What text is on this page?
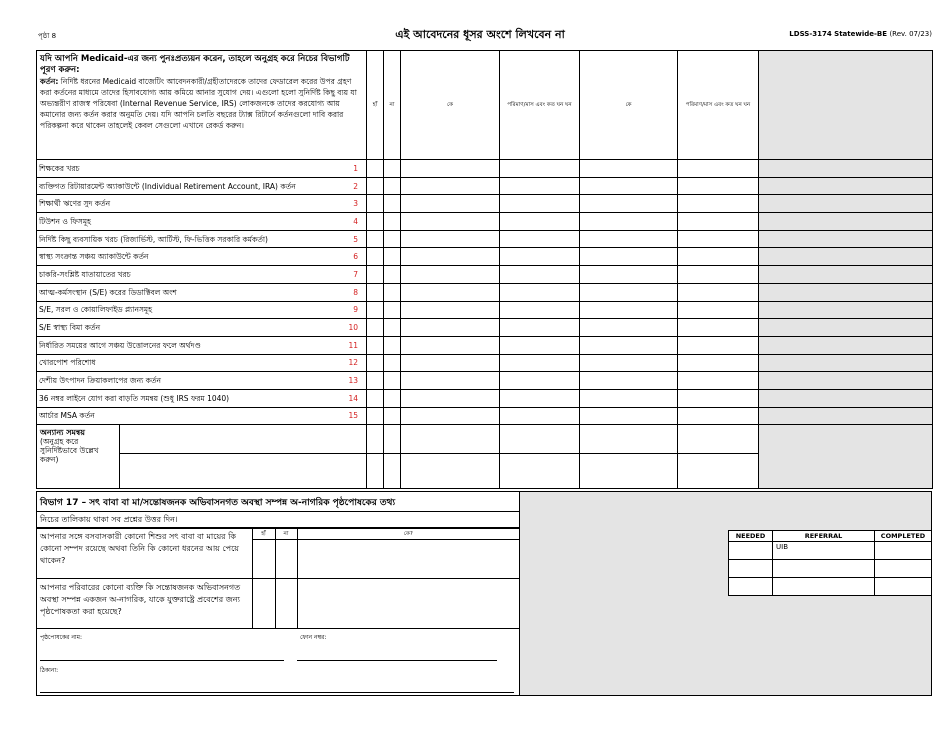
পৃষ্ঠা 8	এই আবেদনের ধূসর অংশে লিখবেন না	LDSS-3174 Statewide-BE (Rev. 07/23)
যদি আপনি Medicaid-এর জন্য পুনঃপ্রত্যয়ন করেন, তাহলে অনুগ্রহ করে নিচের বিভাগটি পূরণ করুন:
কর্তন: নির্দিষ্ট ধরনের Medicaid বাজেটিং আবেদনকারী/গ্রহীতাদেরকে তাদের ফেডারেল করের উপর গ্রহণ করা কর্তনের মাধ্যমে তাদের হিসাবযোগ্য আয় কমিয়ে আনার সুযোগ দেয়। এগুলো হলো সুনির্দিষ্ট কিছু ব্যয় যা অভ্যন্তরীণ রাজস্ব পরিষেবা (Internal Revenue Service, IRS) লোকজনকে তাদের করযোগ্য আয় কমানোর জন্য কর্তন করার অনুমতি দেয়। যদি আপনি চলতি বছরের ট্যাক্স রিটার্নে কর্তনগুলো দাবি করার পরিকল্পনা করে থাকেন তাহলেই কেবল সেগুলো এখানে রেকর্ড করুন।
	হাঁ	না	কে	পরিমাণ/মাস এবং কত ঘন ঘন	কে	পরিমাণ/মাস এবং কত ঘন ঘন	
শিক্ষকের খরচ	1

ব্যক্তিগত রিটায়ারমেন্ট অ্যাকাউন্টে (Individual Retirement Account, IRA) কর্তন	2

শিক্ষার্থী ঋণের সুদ কর্তন	3

টিউশন ও ফিসমূহ	4

নির্দিষ্ট কিছু ব্যবসায়িক খরচ (রিজার্ভিস্ট, আর্টিস্ট, ফি-ভিত্তিক সরকারি কর্মকর্তা)	5

স্বাস্থ্য সংক্রান্ত সঞ্চয় অ্যাকাউন্টে কর্তন	6

চাকরি-সংশ্লিষ্ট যাতায়াতের খরচ	7

আত্ম-কর্মসংস্থান (S/E) করের ডিডাক্টিবল অংশ	8

S/E, সরল ও কোয়ালিফাইড প্ল্যানসমূহ	9

S/E স্বাস্থ্য বিমা কর্তন	10

নির্ধারিত সময়ের আগে সঞ্চয় উত্তোলনের ফলে অর্থদণ্ড	11

খোরপোশ পরিশোধ	12

দেশীয় উৎপাদন ক্রিয়াকলাপের জন্য কর্তন	13

36 নম্বর লাইনে যোগ করা বাড়তি সমন্বয় (শুধু IRS ফরম 1040)	14

আর্চার MSA কর্তন	15

অন্যান্য সমন্বয়
(অনুগ্রহ করে সুনির্দিষ্টভাবে উল্লেখ করুন)	

বিভাগ 17 – সৎ বাবা বা মা/সন্তোষজনক অভিবাসনগত অবস্থা সম্পন্ন অ-নাগরিক পৃষ্ঠপোষকের তথ্য
নিচের তালিকায় থাকা সব প্রশ্নের উত্তর দিন।
আপনার সঙ্গে বসবাসকারী কোনো শিশুর সৎ বাবা বা মায়ের কি কোনো সম্পদ রয়েছে অথবা তিনি কি কোনো ধরনের আয় পেয়ে থাকেন?	হাঁ	না	কে?

আপনার পরিবারের কোনো ব্যক্তি কি সন্তোষজনক অভিবাসনগত অবস্থা সম্পন্ন একজন অ-নাগরিক, যাকে যুক্তরাষ্ট্রে প্রবেশের জন্য পৃষ্ঠপোষকতা করা হয়েছে?			
পৃষ্ঠপোষকের নাম:	ফোন নম্বর:
ঠিকানা:
NEEDED	REFERRAL	COMPLETED
	UIB	
